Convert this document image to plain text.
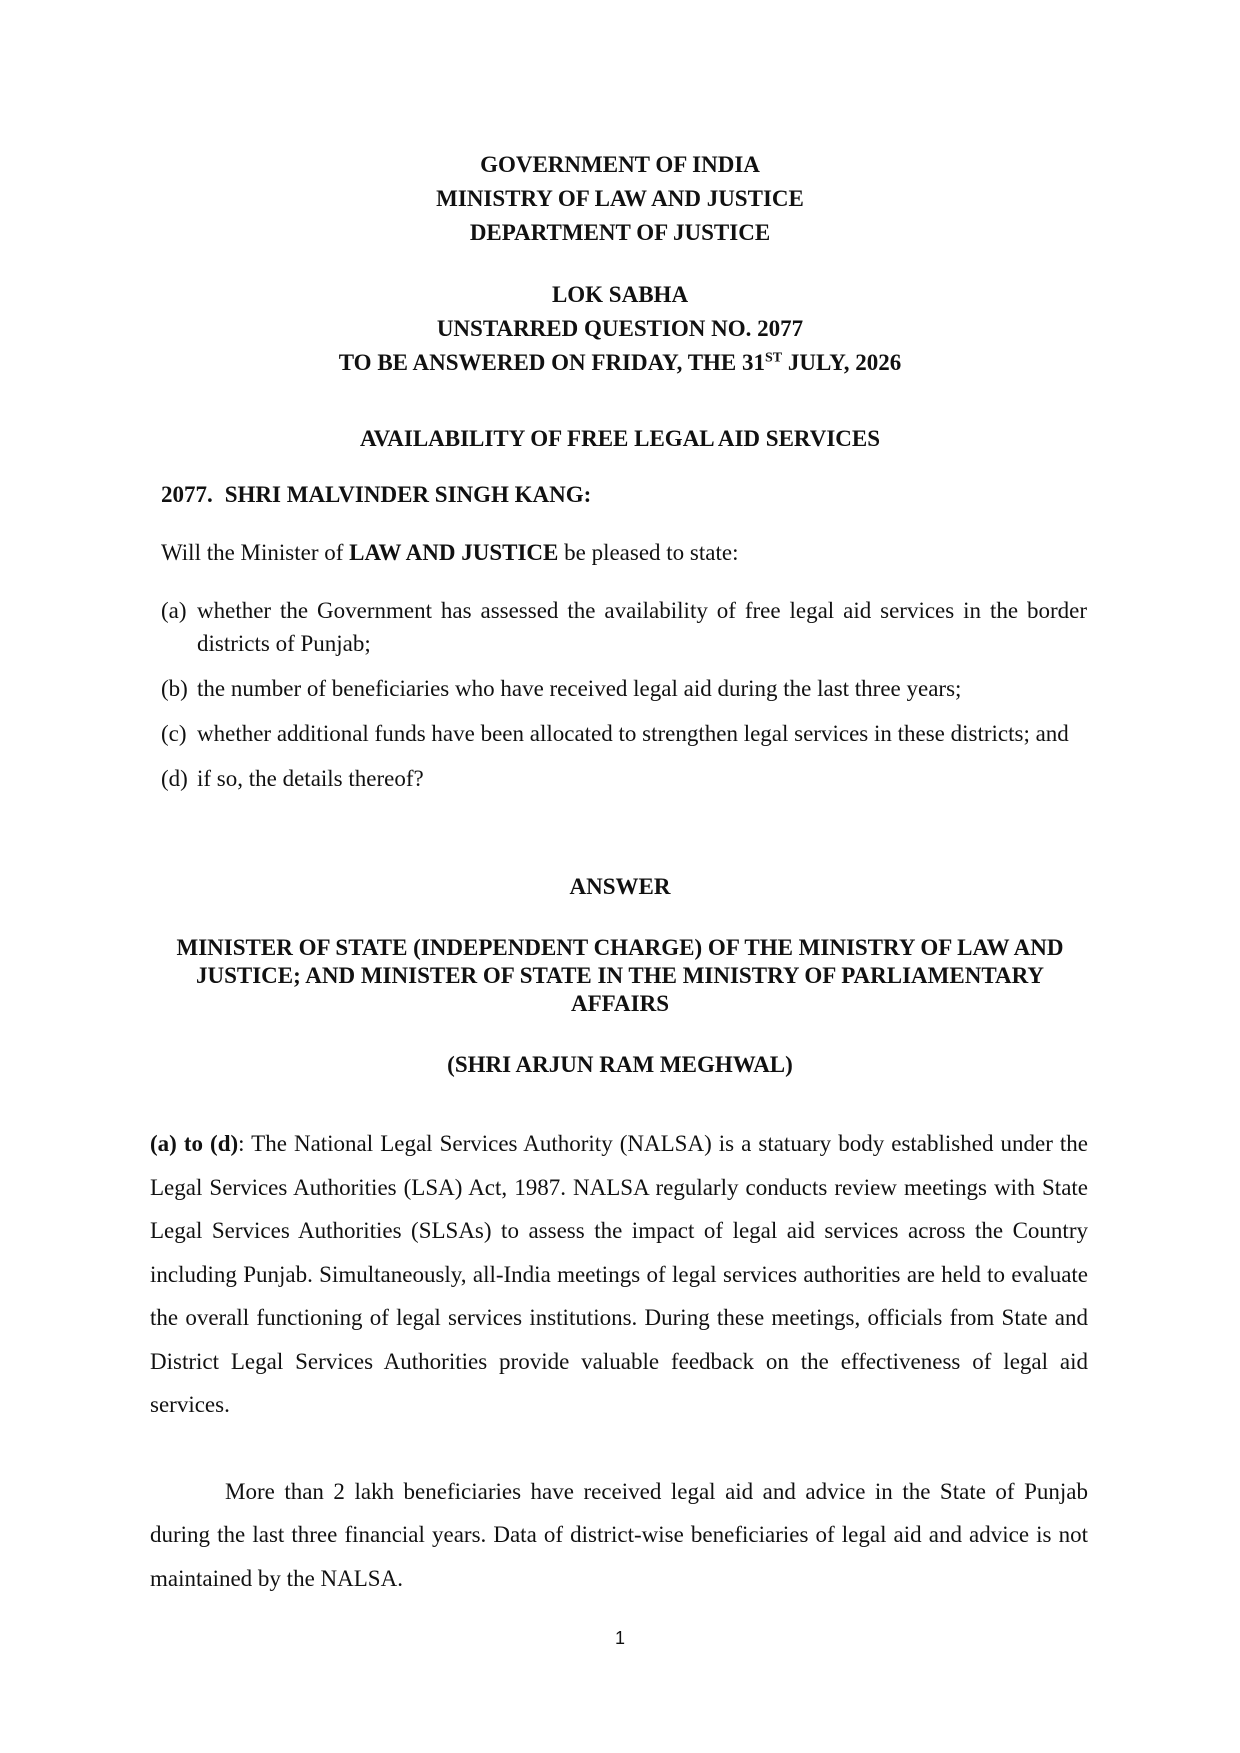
GOVERNMENT OF INDIA
MINISTRY OF LAW AND JUSTICE
DEPARTMENT OF JUSTICE
LOK SABHA
UNSTARRED QUESTION NO. 2077
TO BE ANSWERED ON FRIDAY, THE 31ST JULY, 2026
AVAILABILITY OF FREE LEGAL AID SERVICES
2077. SHRI MALVINDER SINGH KANG:
Will the Minister of LAW AND JUSTICE be pleased to state:
(a) whether the Government has assessed the availability of free legal aid services in the border districts of Punjab;
(b) the number of beneficiaries who have received legal aid during the last three years;
(c) whether additional funds have been allocated to strengthen legal services in these districts; and
(d) if so, the details thereof?
ANSWER
MINISTER OF STATE (INDEPENDENT CHARGE) OF THE MINISTRY OF LAW AND JUSTICE; AND MINISTER OF STATE IN THE MINISTRY OF PARLIAMENTARY AFFAIRS
(SHRI ARJUN RAM MEGHWAL)

(a) to (d): The National Legal Services Authority (NALSA) is a statuary body established under the Legal Services Authorities (LSA) Act, 1987. NALSA regularly conducts review meetings with State Legal Services Authorities (SLSAs) to assess the impact of legal aid services across the Country including Punjab. Simultaneously, all-India meetings of legal services authorities are held to evaluate the overall functioning of legal services institutions. During these meetings, officials from State and District Legal Services Authorities provide valuable feedback on the effectiveness of legal aid services.

More than 2 lakh beneficiaries have received legal aid and advice in the State of Punjab during the last three financial years. Data of district-wise beneficiaries of legal aid and advice is not maintained by the NALSA.

1
